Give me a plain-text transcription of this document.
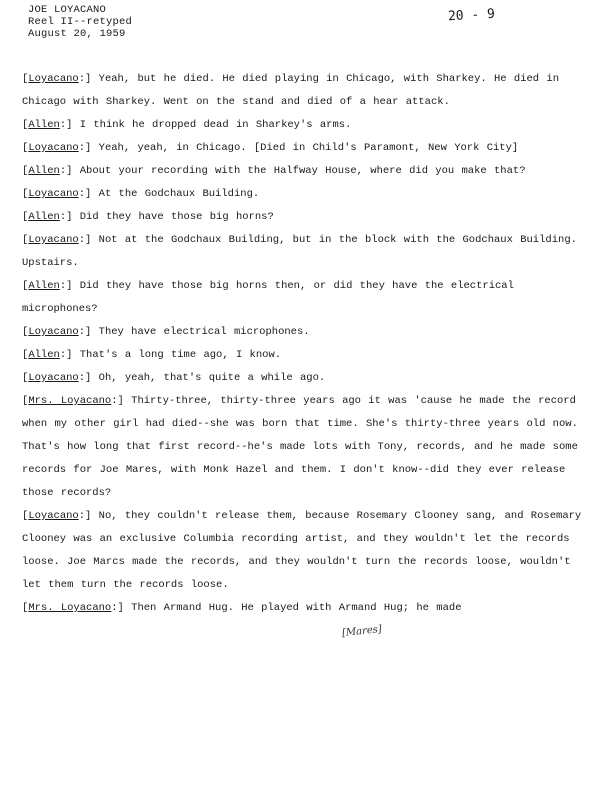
JOE LOYACANO
Reel II--retyped
August 20, 1959
20 - 9

[Loyacano:] Yeah, but he died. He died playing in Chicago, with Sharkey. He died in Chicago with Sharkey. Went on the stand and died of a hear attack.

[Allen:] I think he dropped dead in Sharkey's arms.

[Loyacano:] Yeah, yeah, in Chicago. [Died in Child's Paramont, New York City]

[Allen:] About your recording with the Halfway House, where did you make that?

[Loyacano:] At the Godchaux Building.

[Allen:] Did they have those big horns?

[Loyacano:] Not at the Godchaux Building, but in the block with the Godchaux Building. Upstairs.

[Allen:] Did they have those big horns then, or did they have the electrical microphones?

[Loyacano:] They have electrical microphones.

[Allen:] That's a long time ago, I know.

[Loyacano:] Oh, yeah, that's quite a while ago.

[Mrs. Loyacano:] Thirty-three, thirty-three years ago it was 'cause he made the record when my other girl had died--she was born that time. She's thirty-three years old now. That's how long that first record--he's made lots with Tony, records, and he made some records for Joe Mares, with Monk Hazel and them. I don't know--did they ever release those records?

[Loyacano:] No, they couldn't release them, because Rosemary Clooney sang, and Rosemary Clooney was an exclusive Columbia recording artist, and they wouldn't let the records loose. Joe Marcs made the records, and they wouldn't turn the records loose, wouldn't let them turn the records loose.

[Mrs. Loyacano:] Then Armand Hug. He played with Armand Hug; he made

[Mares]
